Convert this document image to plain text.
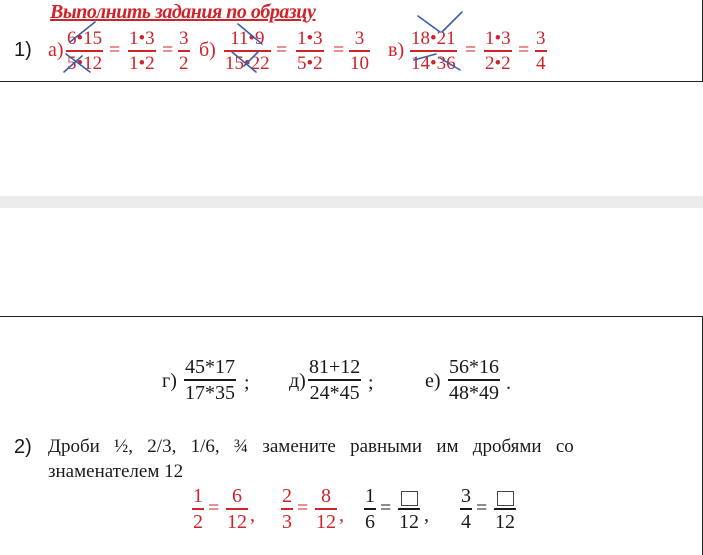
Выполнить задания по образцу
1) а)
6•15
5•12
=
1•3
1•2
=
3
2
б)
11•9
15•22
=
1•3
5•2
=
3
10
в)
18•21
14•36
=
1•3
2•2
=
3
4
г)
45*17
17*35 ; д)
81+12
24*45 ;	е)
56*16
48*49 .
2) Дроби   ½,   2/3,   1/6,   ¾   замените   равными   им   дробями   со
знаменателем 12
1
2
=
6
12 ,
2
3
=
8
12 ,
1
6
=
12 ,
3
4
=
12
